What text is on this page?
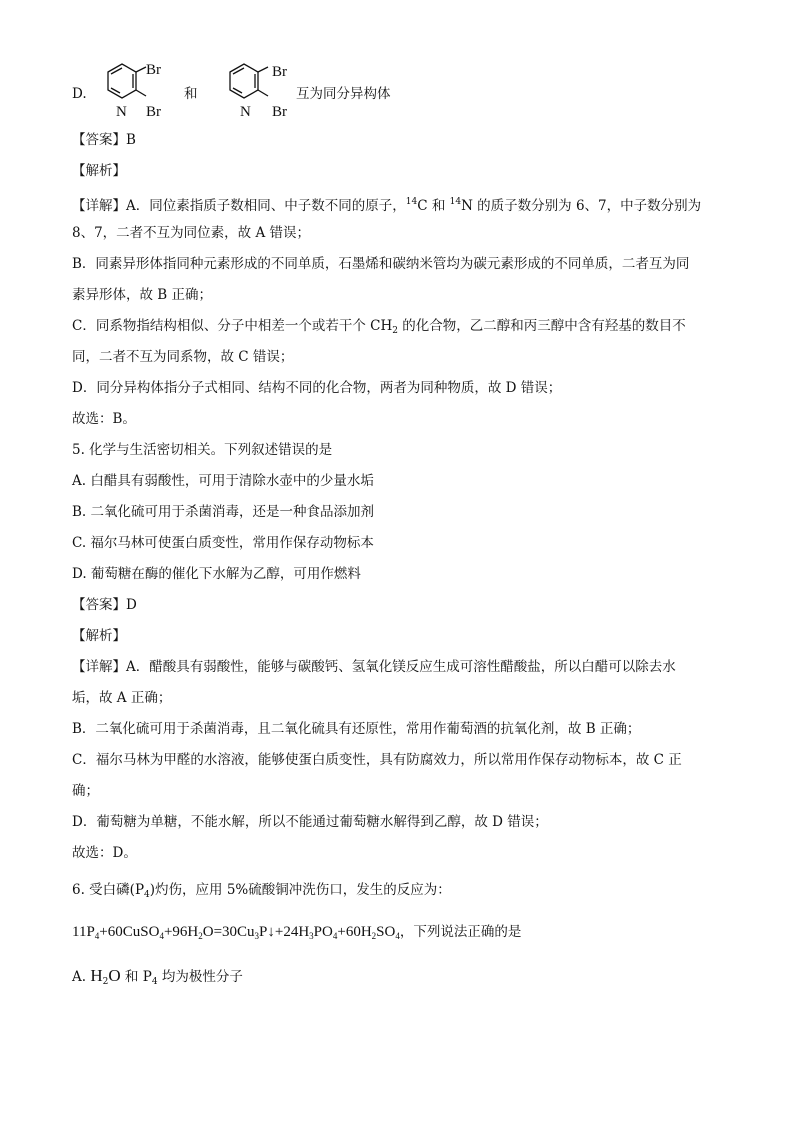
D.
Br
Br
N
和
Br
Br
N
互为同分异构体
【答案】B
【解析】
【详解】A．同位素指质子数相同、中子数不同的原子，$^{14}$C 和 $^{14}$N 的质子数分别为 6、7，中子数分别为
8、7，二者不互为同位素，故 A 错误；
B．同素异形体指同种元素形成的不同单质，石墨烯和碳纳米管均为碳元素形成的不同单质，二者互为同
素异形体，故 B 正确；
C．同系物指结构相似、分子中相差一个或若干个 $CH_2$ 的化合物，乙二醇和丙三醇中含有羟基的数目不
同，二者不互为同系物，故 C 错误；
D．同分异构体指分子式相同、结构不同的化合物，两者为同种物质，故 D 错误；
故选：B。
5. 化学与生活密切相关。下列叙述错误的是
A. 白醋具有弱酸性，可用于清除水壶中的少量水垢
B. 二氧化硫可用于杀菌消毒，还是一种食品添加剂
C. 福尔马林可使蛋白质变性，常用作保存动物标本
D. 葡萄糖在酶的催化下水解为乙醇，可用作燃料
【答案】D
【解析】
【详解】A．醋酸具有弱酸性，能够与碳酸钙、氢氧化镁反应生成可溶性醋酸盐，所以白醋可以除去水
垢，故 A 正确；
B．二氧化硫可用于杀菌消毒，且二氧化硫具有还原性，常用作葡萄酒的抗氧化剂，故 B 正确；
C．福尔马林为甲醛的水溶液，能够使蛋白质变性，具有防腐效力，所以常用作保存动物标本，故 C 正
确；
D．葡萄糖为单糖，不能水解，所以不能通过葡萄糖水解得到乙醇，故 D 错误；
故选：D。
6. 受白磷$(P_4)$灼伤，应用 5%硫酸铜冲洗伤口，发生的反应为：
$11P_4+60CuSO_4+96H_2O=30Cu_3P↓+24H_3PO_4+60H_2SO_4$，下列说法正确的是
A. $H_2O$ 和 $P_4$ 均为极性分子
